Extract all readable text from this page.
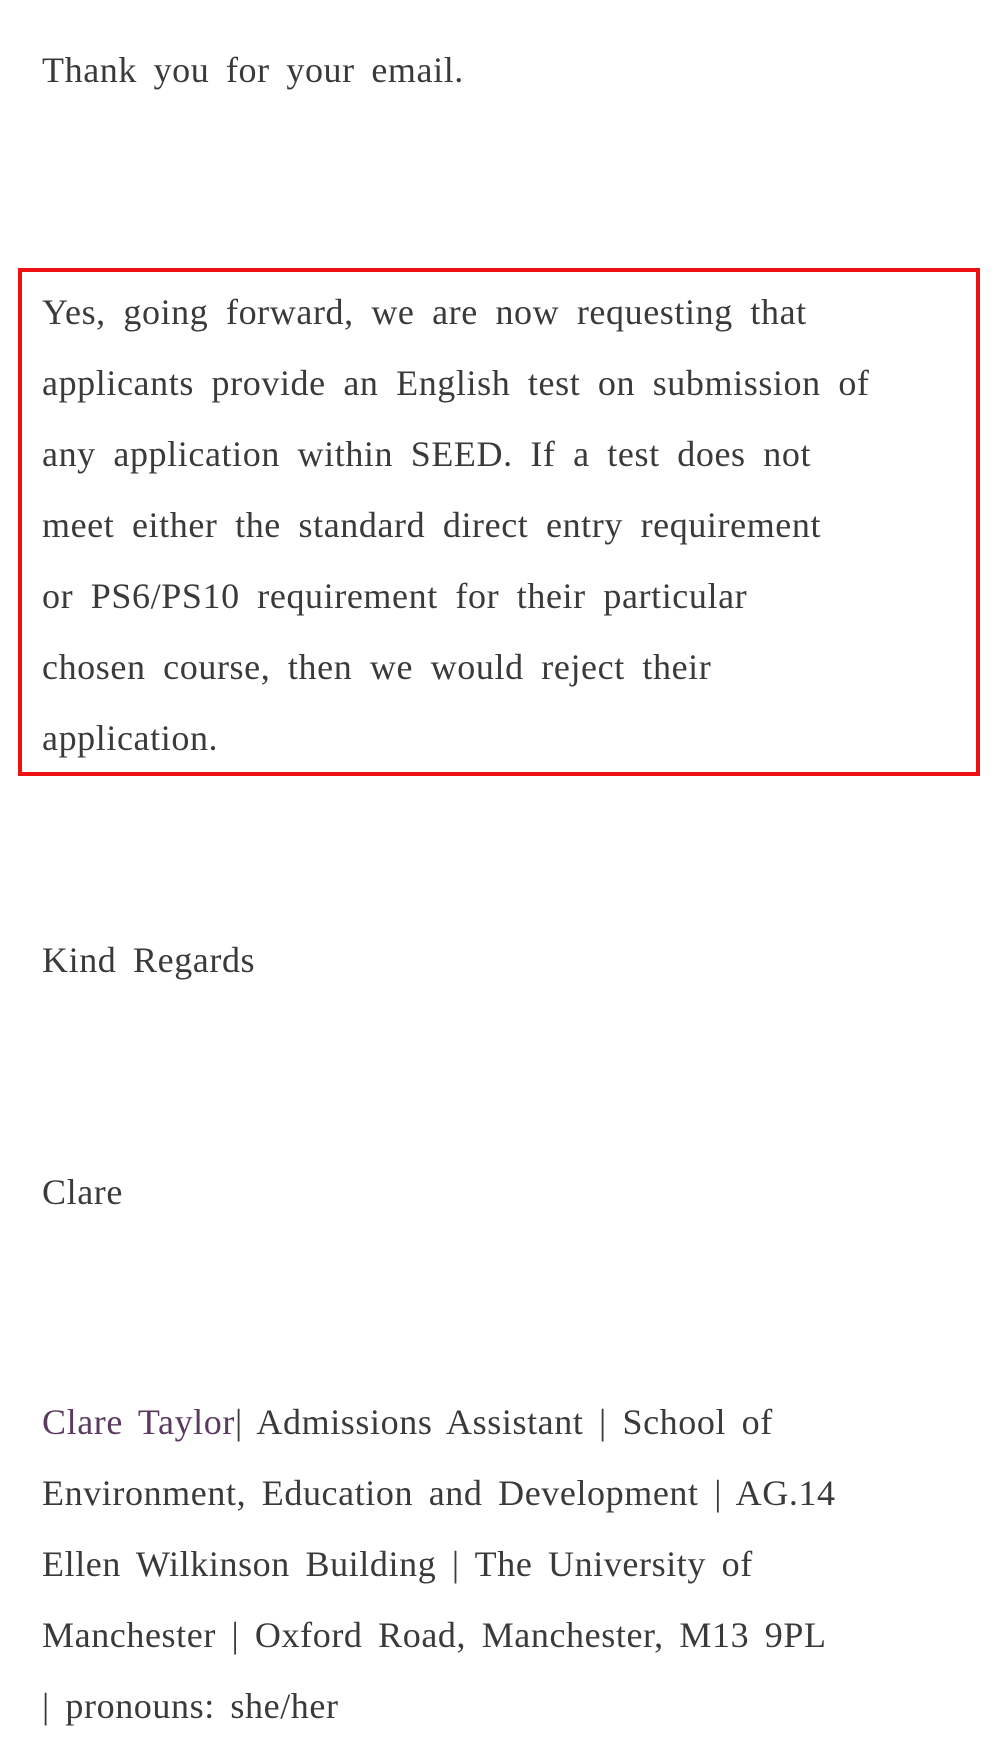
Thank you for your email.
Yes, going forward, we are now requesting that
applicants provide an English test on submission of
any application within SEED. If a test does not
meet either the standard direct entry requirement
or PS6/PS10 requirement for their particular
chosen course, then we would reject their
application.
Kind Regards
Clare
Clare Taylor| Admissions Assistant | School of
Environment, Education and Development | AG.14
Ellen Wilkinson Building | The University of
Manchester | Oxford Road, Manchester, M13 9PL
| pronouns: she/her
